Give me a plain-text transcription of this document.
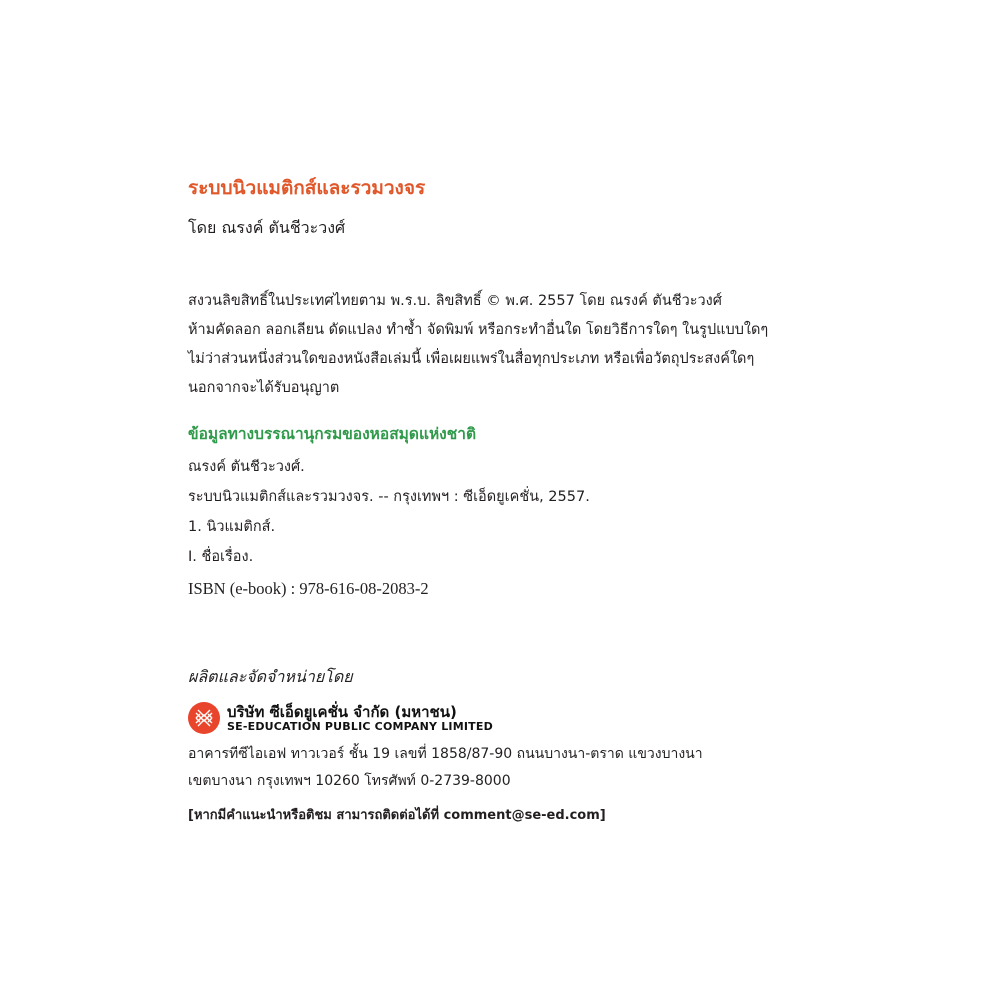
ระบบนิวแมติกส์และรวมวงจร
โดย ณรงค์ ตันชีวะวงศ์
สงวนลิขสิทธิ์ในประเทศไทยตาม พ.ร.บ. ลิขสิทธิ์ © พ.ศ. 2557 โดย ณรงค์ ตันชีวะวงศ์
ห้ามคัดลอก ลอกเลียน ดัดแปลง ทำซ้ำ จัดพิมพ์ หรือกระทำอื่นใด โดยวิธีการใดๆ ในรูปแบบใดๆ
ไม่ว่าส่วนหนึ่งส่วนใดของหนังสือเล่มนี้ เพื่อเผยแพร่ในสื่อทุกประเภท หรือเพื่อวัตถุประสงค์ใดๆ
นอกจากจะได้รับอนุญาต
ข้อมูลทางบรรณานุกรมของหอสมุดแห่งชาติ
ณรงค์ ตันชีวะวงศ์.
ระบบนิวแมติกส์และรวมวงจร. -- กรุงเทพฯ : ซีเอ็ดยูเคชั่น, 2557.
1. นิวแมติกส์.
I. ชื่อเรื่อง.
ISBN (e-book) : 978-616-08-2083-2
ผลิตและจัดจำหน่ายโดย
บริษัท ซีเอ็ดยูเคชั่น จำกัด (มหาชน)
SE-EDUCATION PUBLIC COMPANY LIMITED
อาคารทีซีไอเอฟ ทาวเวอร์ ชั้น 19 เลขที่ 1858/87-90 ถนนบางนา-ตราด แขวงบางนา
เขตบางนา กรุงเทพฯ 10260 โทรศัพท์ 0-2739-8000
[หากมีคำแนะนำหรือติชม สามารถติดต่อได้ที่ comment@se-ed.com]
